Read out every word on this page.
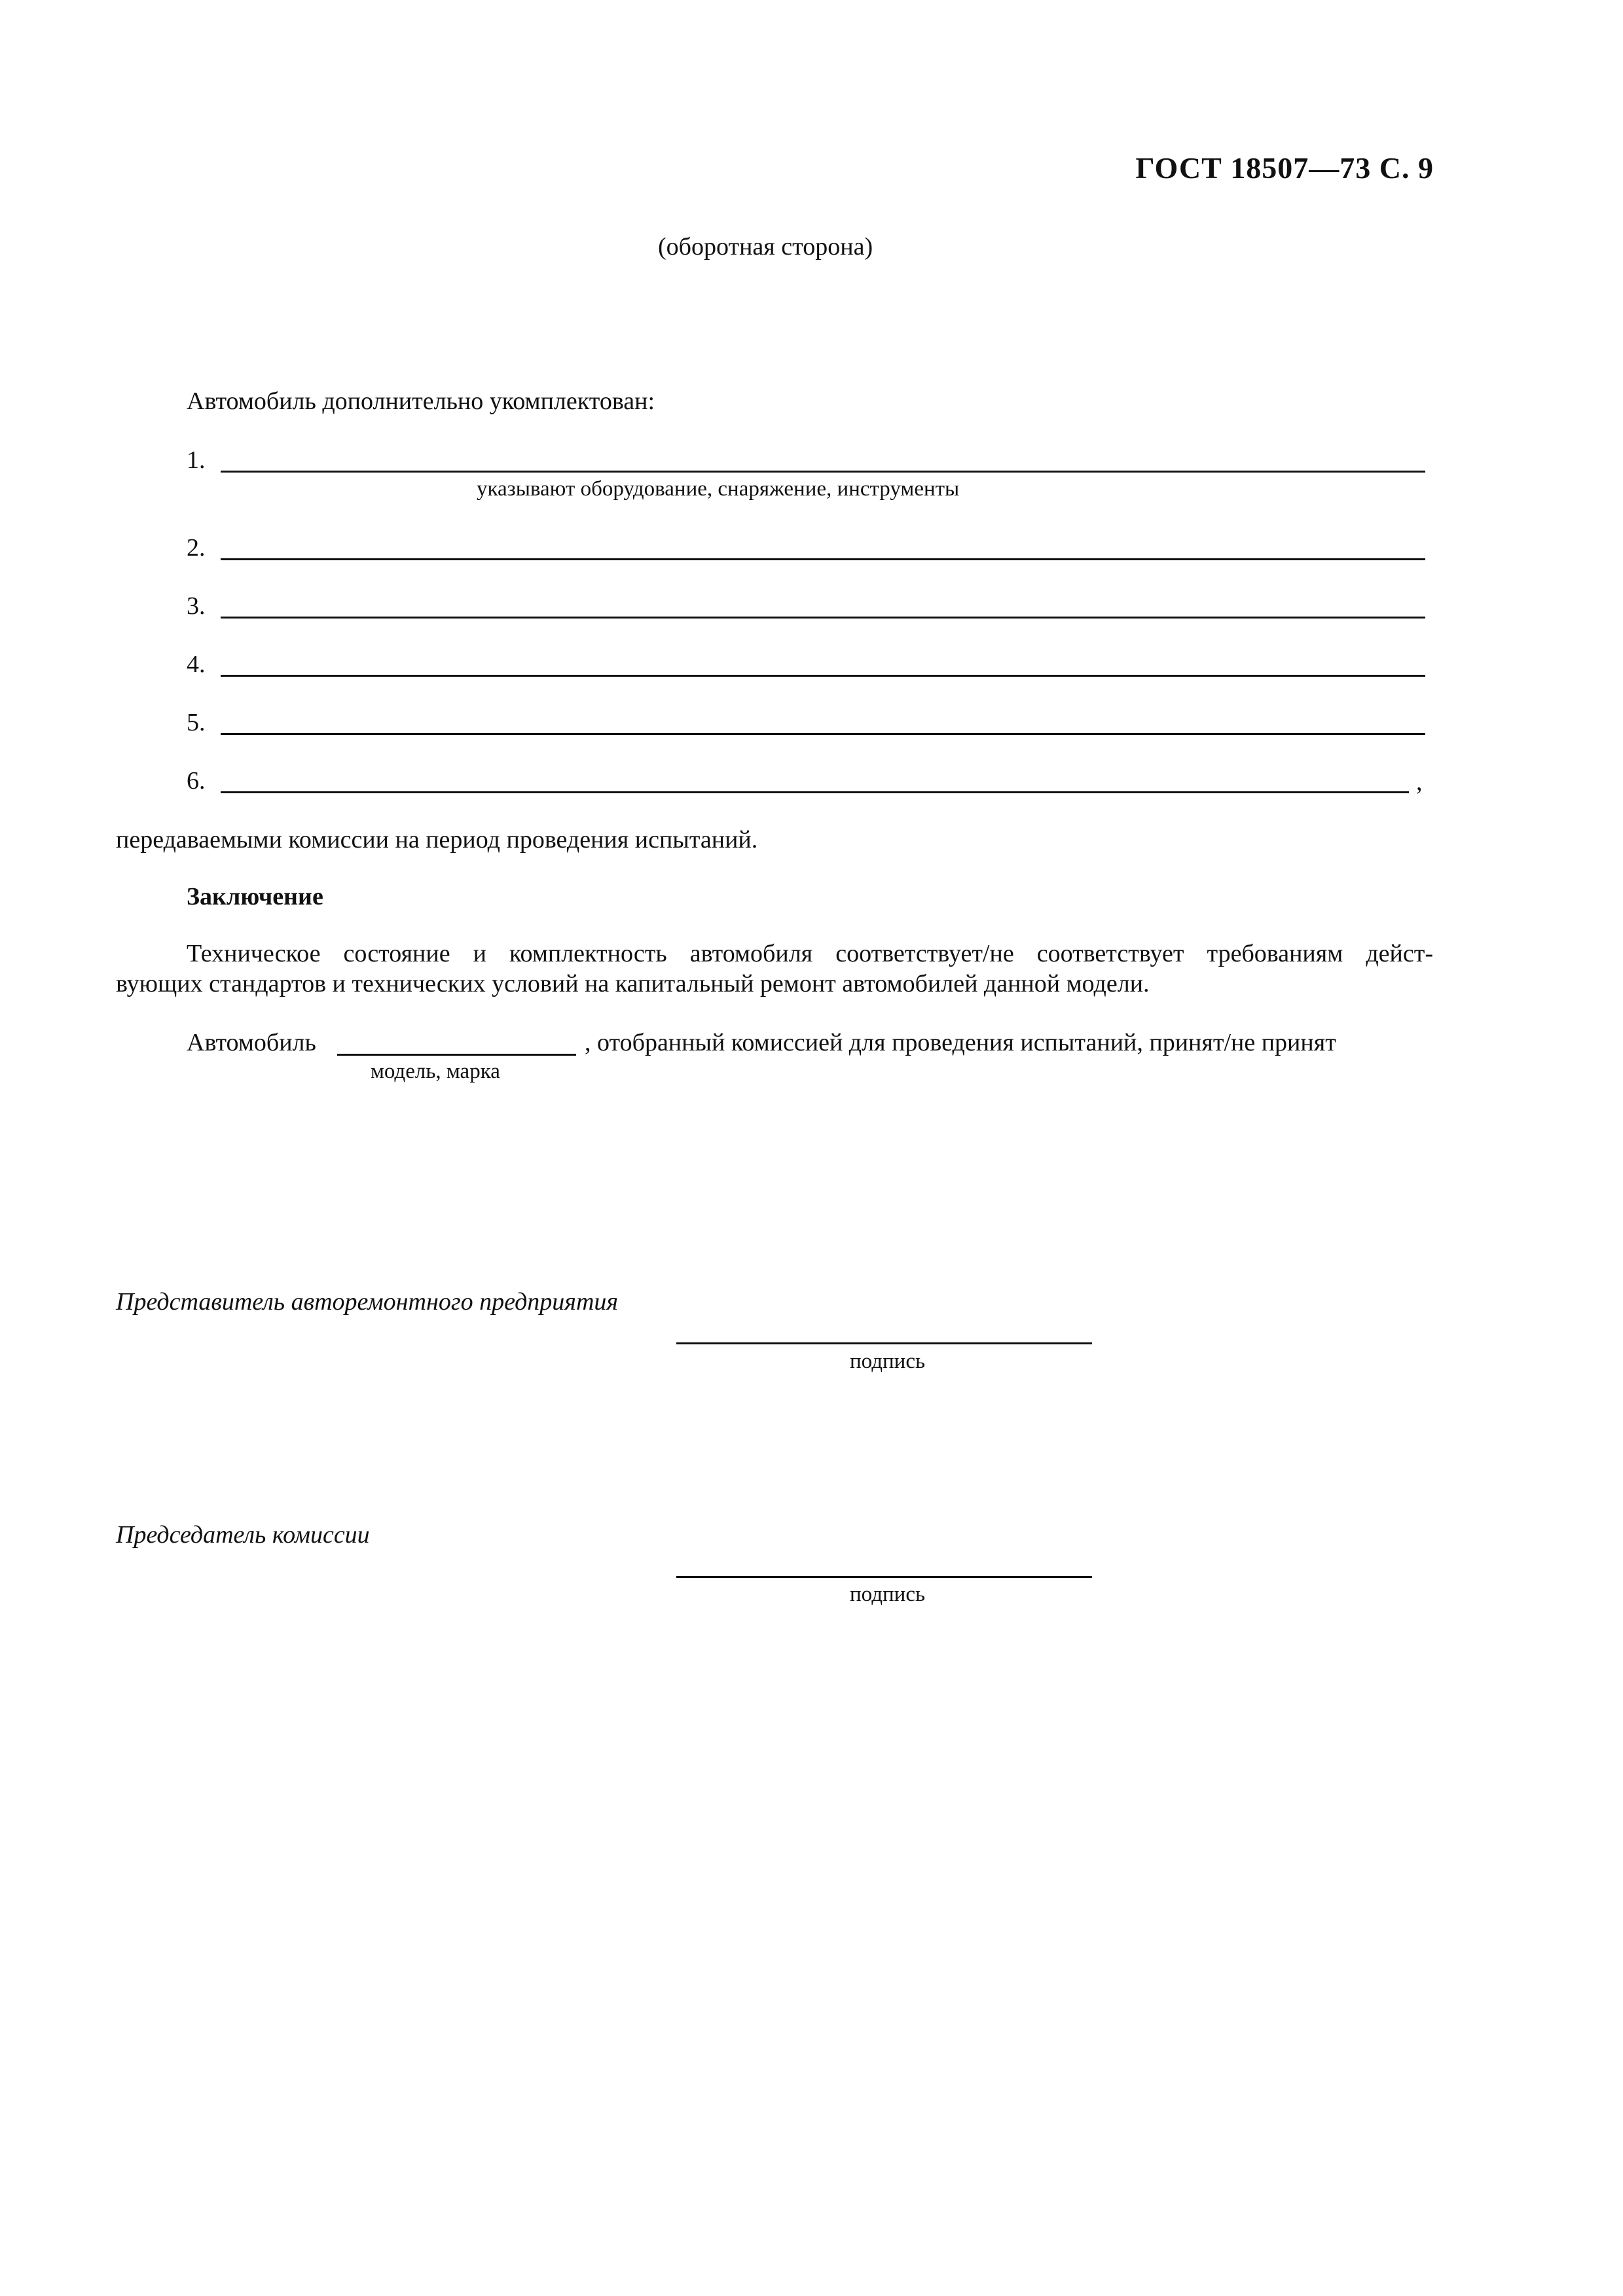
ГОСТ 18507—73 С. 9
(оборотная сторона)
Автомобиль дополнительно укомплектован:
1.
указывают оборудование, снаряжение, инструменты
2.
3.
4.
5.
6.	,
передаваемыми комиссии на период проведения испытаний.
Заключение
Техническое состояние и комплектность автомобиля соответствует/не соответствует требованиям дейст-
вующих стандартов и технических условий на капитальный ремонт автомобилей данной модели.
Автомобиль	, отобранный комиссией для проведения испытаний, принят/не принят
модель, марка
Представитель авторемонтного предприятия
подпись
Председатель комиссии
подпись
